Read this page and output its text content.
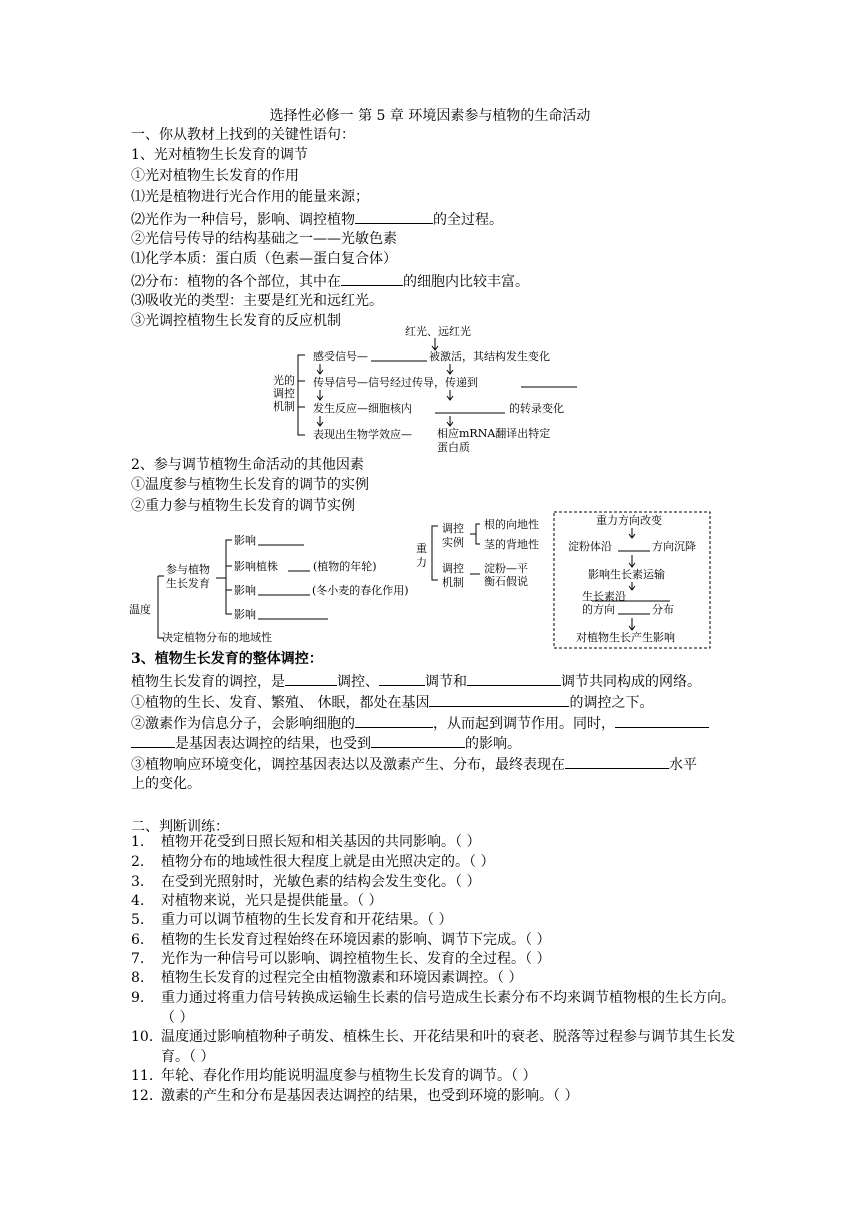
选择性必修一 第 5 章 环境因素参与植物的生命活动
一、你从教材上找到的关键性语句：
1、光对植物生长发育的调节
①光对植物生长发育的作用
⑴光是植物进行光合作用的能量来源；
⑵光作为一种信号，影响、调控植物	的全过程。
②光信号传导的结构基础之一——光敏色素
⑴化学本质：蛋白质（色素—蛋白复合体）
⑵分布：植物的各个部位，其中在	的细胞内比较丰富。
⑶吸收光的类型：主要是红光和远红光。
③光调控植物生长发育的反应机制
红光、远红光
光的
调控
机制
感受信号—	被激活，其结构发生变化
传导信号—信号经过传导，传递到
发生反应—细胞核内	的转录变化
表现出生物学效应— 相应mRNA翻译出特定
蛋白质
2、参与调节植物生命活动的其他因素
①温度参与植物生长发育的调节的实例
②重力参与植物生长发育的调节实例
温度
参与植物
生长发育
影响
影响植株	(植物的年轮)
影响	(冬小麦的春化作用)
影响
决定植物分布的地域性
重
力
调控
实例
根的向地性
茎的背地性
调控
机制
淀粉—平
衡石假说
重力方向改变
淀粉体沿	方向沉降
影响生长素运输
生长素沿
的方向	分布
对植物生长产生影响
3、植物生长发育的整体调控：
植物生长发育的调控，是	调控、	调节和	调节共同构成的网络。
①植物的生长、发育、繁殖、 休眠，都处在基因	的调控之下。
②激素作为信息分子，会影响细胞的	，从而起到调节作用。同时，
是基因表达调控的结果，也受到	的影响。
③植物响应环境变化，调控基因表达以及激素产生、分布，最终表现在	水平
上的变化。
二、判断训练：
1. 植物开花受到日照长短和相关基因的共同影响。（ ）
2. 植物分布的地域性很大程度上就是由光照决定的。（ ）
3. 在受到光照射时，光敏色素的结构会发生变化。（ ）
4. 对植物来说，光只是提供能量。（ ）
5. 重力可以调节植物的生长发育和开花结果。（ ）
6. 植物的生长发育过程始终在环境因素的影响、调节下完成。（ ）
7. 光作为一种信号可以影响、调控植物生长、发育的全过程。（ ）
8. 植物生长发育的过程完全由植物激素和环境因素调控。（ ）
9. 重力通过将重力信号转换成运输生长素的信号造成生长素分布不均来调节植物根的生长方向。（ ）
10. 温度通过影响植物种子萌发、植株生长、开花结果和叶的衰老、脱落等过程参与调节其生长发育。（ ）
11. 年轮、春化作用均能说明温度参与植物生长发育的调节。（ ）
12. 激素的产生和分布是基因表达调控的结果，也受到环境的影响。（ ）
